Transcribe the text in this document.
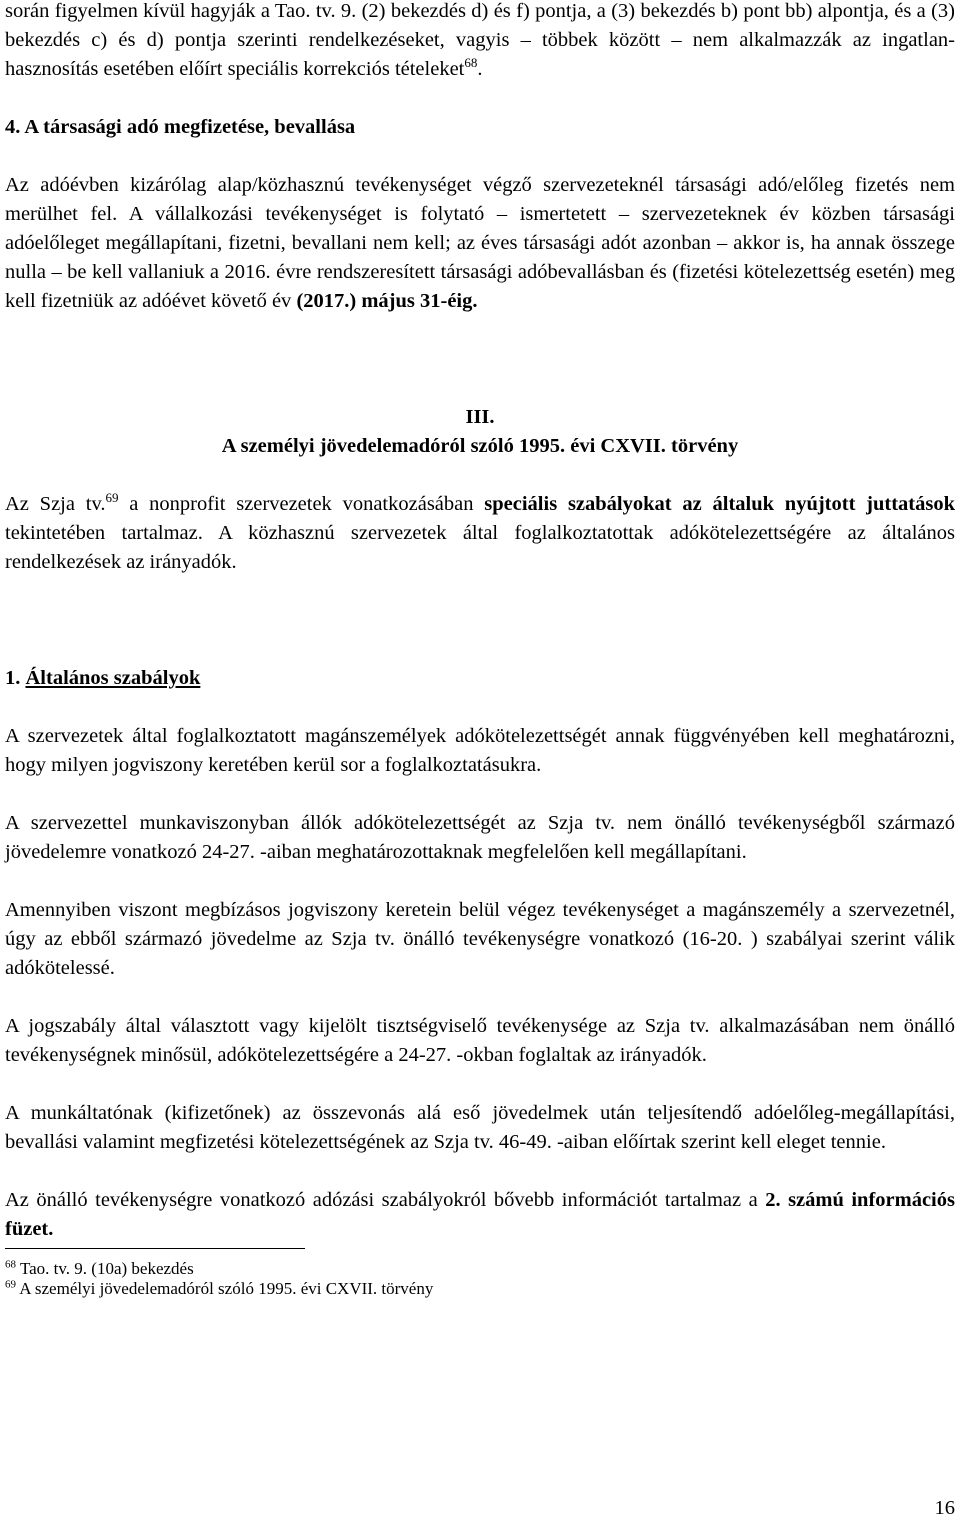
során figyelmen kívül hagyják a Tao. tv. 9. (2) bekezdés d) és f) pontja, a (3) bekezdés b) pont bb) alpontja, és a (3) bekezdés c) és d) pontja szerinti rendelkezéseket, vagyis – többek között – nem alkalmazzák az ingatlan-hasznosítás esetében előírt speciális korrekciós tételeket$^{68}$.

4. A társasági adó megfizetése, bevallása

Az adóévben kizárólag alap/közhasznú tevékenységet végző szervezeteknél társasági adó/előleg fizetés nem merülhet fel. A vállalkozási tevékenységet is folytató – ismertetett – szervezeteknek év közben társasági adóelőleget megállapítani, fizetni, bevallani nem kell; az éves társasági adót azonban – akkor is, ha annak összege nulla – be kell vallaniuk a 2016. évre rendszeresített társasági adóbevallásban és (fizetési kötelezettség esetén) meg kell fizetniük az adóévet követő év (2017.) május 31-éig.

III.
A személyi jövedelemadóról szóló 1995. évi CXVII. törvény

Az Szja tv.$^{69}$ a nonprofit szervezetek vonatkozásában speciális szabályokat az általuk nyújtott juttatások tekintetében tartalmaz. A közhasznú szervezetek által foglalkoztatottak adókötelezettségére az általános rendelkezések az irányadók.

1. Általános szabályok

A szervezetek által foglalkoztatott magánszemélyek adókötelezettségét annak függvényében kell meghatározni, hogy milyen jogviszony keretében kerül sor a foglalkoztatásukra.

A szervezettel munkaviszonyban állók adókötelezettségét az Szja tv. nem önálló tevékenységből származó jövedelemre vonatkozó 24-27. -aiban meghatározottaknak megfelelően kell megállapítani.

Amennyiben viszont megbízásos jogviszony keretein belül végez tevékenységet a magánszemély a szervezetnél, úgy az ebből származó jövedelme az Szja tv. önálló tevékenységre vonatkozó (16-20. ) szabályai szerint válik adókötelessé.

A jogszabály által választott vagy kijelölt tisztségviselő tevékenysége az Szja tv. alkalmazásában nem önálló tevékenységnek minősül, adókötelezettségére a 24-27. -okban foglaltak az irányadók.

A munkáltatónak (kifizetőnek) az összevonás alá eső jövedelmek után teljesítendő adóelőleg-megállapítási, bevallási valamint megfizetési kötelezettségének az Szja tv. 46-49. -aiban előírtak szerint kell eleget tennie.

Az önálló tevékenységre vonatkozó adózási szabályokról bővebb információt tartalmaz a 2. számú információs füzet.

$^{68}$ Tao. tv. 9. (10a) bekezdés

$^{69}$ A személyi jövedelemadóról szóló 1995. évi CXVII. törvény

16
